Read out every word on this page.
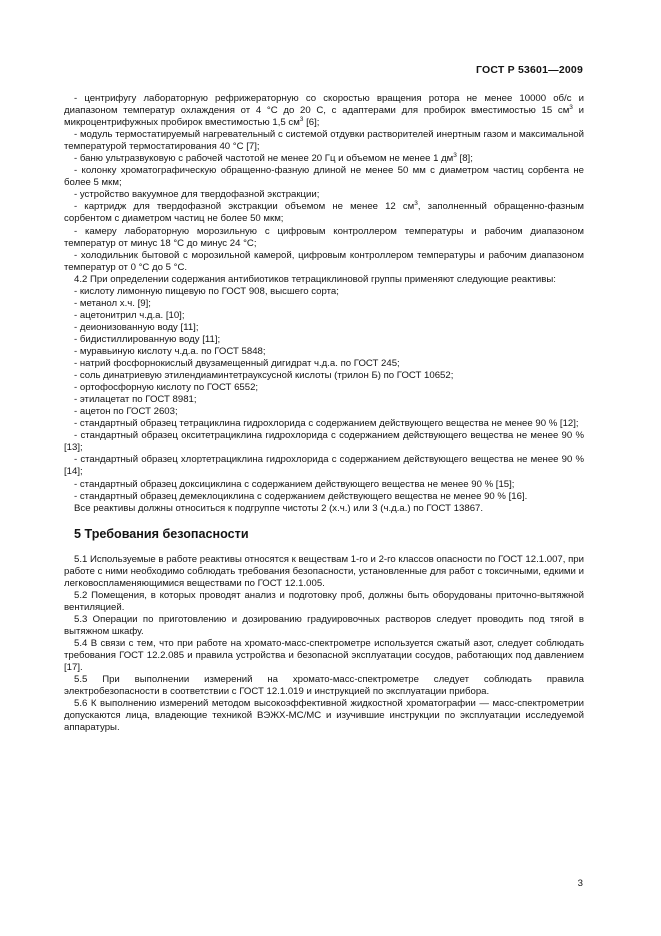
ГОСТ Р 53601—2009

- центрифугу лабораторную рефрижераторную со скоростью вращения ротора не менее 10000 об/с и диапазоном температур охлаждения от 4 °С до 20 С, с адаптерами для пробирок вместимостью 15 $см^3$ и микроцентрифужных пробирок вместимостью 1,5 $см^3$ [6];

- модуль термостатируемый нагревательный с системой отдувки растворителей инертным газом и максимальной температурой термостатирования 40 °С [7];

- баню ультразвуковую с рабочей частотой не менее 20 Гц и объемом не менее 1 $дм^3$ [8];

- колонку хроматографическую обращенно-фазную длиной не менее 50 мм с диаметром частиц сорбента не более 5 мкм;

- устройство вакуумное для твердофазной экстракции;

- картридж для твердофазной экстракции объемом не менее 12 $см^3$, заполненный обращенно-фазным сорбентом с диаметром частиц не более 50 мкм;

- камеру лабораторную морозильную с цифровым контроллером температуры и рабочим диапазоном температур от минус 18 °С до минус 24 °С;

- холодильник бытовой с морозильной камерой, цифровым контроллером температуры и рабочим диапазоном температур от 0 °С до 5 °С.

4.2 При определении содержания антибиотиков тетрациклиновой группы применяют следующие реактивы:

- кислоту лимонную пищевую по ГОСТ 908, высшего сорта;

- метанол х.ч. [9];

- ацетонитрил ч.д.а. [10];

- деионизованную воду [11];

- бидистиллированную воду [11];

- муравьиную кислоту ч.д.а. по ГОСТ 5848;

- натрий фосфорнокислый двузамещенный дигидрат ч.д.а. по ГОСТ 245;

- соль динатриевую этилендиаминтетрауксусной кислоты (трилон Б) по ГОСТ 10652;

- ортофосфорную кислоту по ГОСТ 6552;

- этилацетат по ГОСТ 8981;

- ацетон по ГОСТ 2603;

- стандартный образец тетрациклина гидрохлорида с содержанием действующего вещества не менее 90 % [12];

- стандартный образец окситетрациклина гидрохлорида с содержанием действующего вещества не менее 90 % [13];

- стандартный образец хлортетрациклина гидрохлорида с содержанием действующего вещества не менее 90 % [14];

- стандартный образец доксициклина с содержанием действующего вещества не менее 90 % [15];

- стандартный образец демеклоциклина с содержанием действующего вещества не менее 90 % [16].

Все реактивы должны относиться к подгруппе чистоты 2 (х.ч.) или 3 (ч.д.а.) по ГОСТ 13867.

5 Требования безопасности

5.1 Используемые в работе реактивы относятся к веществам 1-го и 2-го классов опасности по ГОСТ 12.1.007, при работе с ними необходимо соблюдать требования безопасности, установленные для работ с токсичными, едкими и легковоспламеняющимися веществами по ГОСТ 12.1.005.

5.2 Помещения, в которых проводят анализ и подготовку проб, должны быть оборудованы приточно-вытяжной вентиляцией.

5.3 Операции по приготовлению и дозированию градуировочных растворов следует проводить под тягой в вытяжном шкафу.

5.4 В связи с тем, что при работе на хромато-масс-спектрометре используется сжатый азот, следует соблюдать требования ГОСТ 12.2.085 и правила устройства и безопасной эксплуатации сосудов, работающих под давлением [17].

5.5 При выполнении измерений на хромато-масс-спектрометре следует соблюдать правила электробезопасности в соответствии с ГОСТ 12.1.019 и инструкцией по эксплуатации прибора.

5.6 К выполнению измерений методом высокоэффективной жидкостной хроматографии — масс-спектрометрии допускаются лица, владеющие техникой ВЭЖХ-МС/МС и изучившие инструкции по эксплуатации исследуемой аппаратуры.

3
